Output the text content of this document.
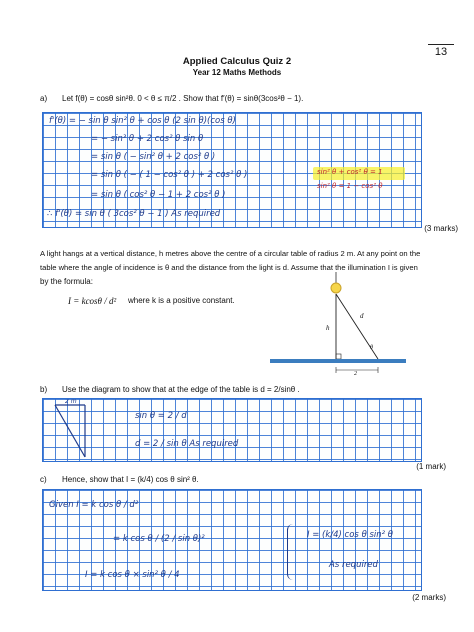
13
Applied Calculus Quiz 2
Year 12 Maths Methods
a) Let f(θ) = cosθ sin²θ. 0 < θ ≤ π/2 . Show that f′(θ) = sinθ(3cos²θ − 1).
f'(θ) = − sin θ sin² θ + cos θ (2 sin θ)(cos θ)
= − sin³ θ + 2 cos² θ sin θ
= sin θ ( − sin² θ + 2 cos² θ )
= sin θ ( − ( 1 − cos² θ ) + 2 cos² θ )
= sin θ ( cos² θ − 1 + 2 cos² θ )
∴ f'(θ) = sin θ ( 3cos² θ − 1 ) As required
sin² θ + cos² θ = 1
sin² θ = 1 − cos² θ
(3 marks)
A light hangs at a vertical distance, h metres above the centre of a circular table of radius 2 m. At any point on the
table where the angle of incidence is θ and the distance from the light is d. Assume that the illumination I is given
by the formula:
I = kcosθ / d² where k is a positive constant.
d
h
θ
2
b) Use the diagram to show that at the edge of the table is d = 2/sinθ .
2 m
sin θ = 2 / d
d = 2 / sin θ As required
(1 mark)
c) Hence, show that I = (k/4) cos θ sin² θ.
Given I = k cos θ / d²
= k cos θ / (2 / sin θ)²
I = k cos θ × sin² θ / 4
I = (k/4) cos θ sin² θ
As required
(2 marks)
